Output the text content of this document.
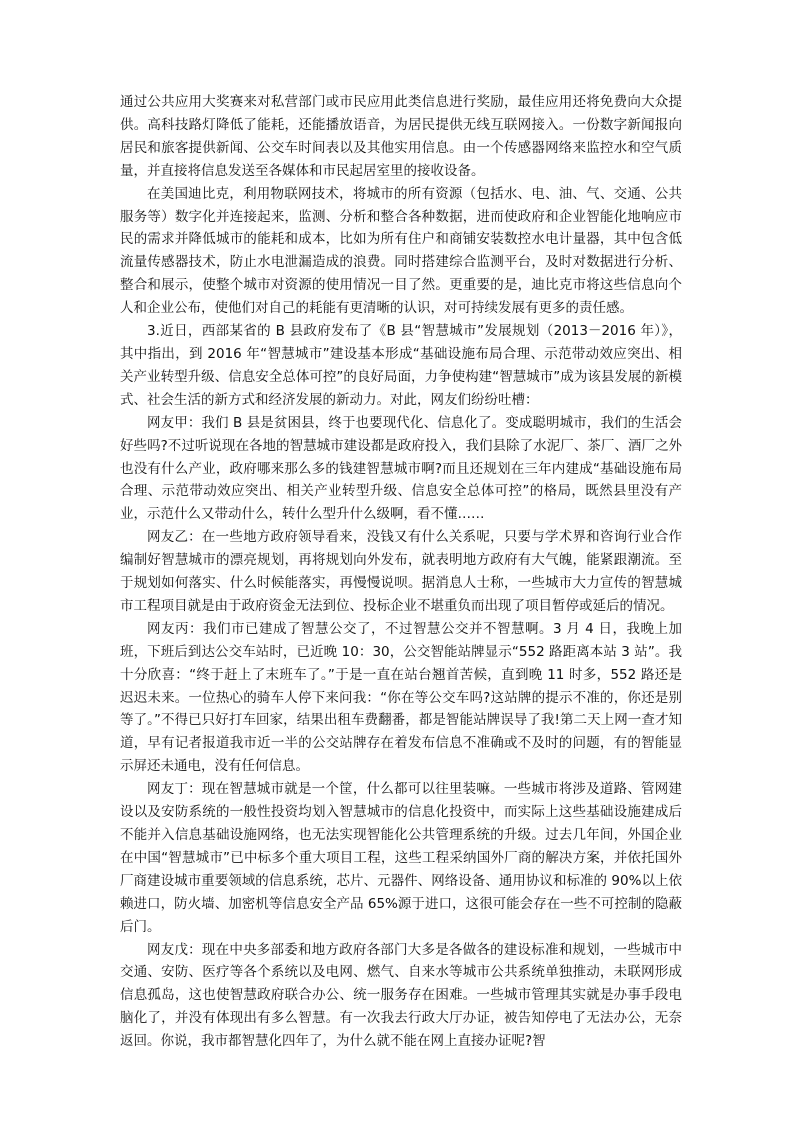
通过公共应用大奖赛来对私营部门或市民应用此类信息进行奖励，最佳应用还将免费向大众提供。高科技路灯降低了能耗，还能播放语音，为居民提供无线互联网接入。一份数字新闻报向居民和旅客提供新闻、公交车时间表以及其他实用信息。由一个传感器网络来监控水和空气质量，并直接将信息发送至各媒体和市民起居室里的接收设备。

在美国迪比克，利用物联网技术，将城市的所有资源（包括水、电、油、气、交通、公共服务等）数字化并连接起来，监测、分析和整合各种数据，进而使政府和企业智能化地响应市民的需求并降低城市的能耗和成本，比如为所有住户和商铺安装数控水电计量器，其中包含低流量传感器技术，防止水电泄漏造成的浪费。同时搭建综合监测平台，及时对数据进行分析、整合和展示，使整个城市对资源的使用情况一目了然。更重要的是，迪比克市将这些信息向个人和企业公布，使他们对自己的耗能有更清晰的认识，对可持续发展有更多的责任感。

3.近日，西部某省的 B 县政府发布了《B 县“智慧城市”发展规划（2013－2016 年）》，其中指出，到 2016 年“智慧城市”建设基本形成“基础设施布局合理、示范带动效应突出、相关产业转型升级、信息安全总体可控”的良好局面，力争使构建“智慧城市”成为该县发展的新模式、社会生活的新方式和经济发展的新动力。对此，网友们纷纷吐槽：

网友甲：我们 B 县是贫困县，终于也要现代化、信息化了。变成聪明城市，我们的生活会好些吗?不过听说现在各地的智慧城市建设都是政府投入，我们县除了水泥厂、茶厂、酒厂之外也没有什么产业，政府哪来那么多的钱建智慧城市啊?而且还规划在三年内建成“基础设施布局合理、示范带动效应突出、相关产业转型升级、信息安全总体可控”的格局，既然县里没有产业，示范什么又带动什么，转什么型升什么级啊，看不懂……

网友乙：在一些地方政府领导看来，没钱又有什么关系呢，只要与学术界和咨询行业合作编制好智慧城市的漂亮规划，再将规划向外发布，就表明地方政府有大气魄，能紧跟潮流。至于规划如何落实、什么时候能落实，再慢慢说呗。据消息人士称，一些城市大力宣传的智慧城市工程项目就是由于政府资金无法到位、投标企业不堪重负而出现了项目暂停或延后的情况。

网友丙：我们市已建成了智慧公交了，不过智慧公交并不智慧啊。3 月 4 日，我晚上加班，下班后到达公交车站时，已近晚 10：30，公交智能站牌显示“552 路距离本站 3 站”。我十分欣喜：“终于赶上了末班车了。”于是一直在站台翘首苦候，直到晚 11 时多，552 路还是迟迟未来。一位热心的骑车人停下来问我：“你在等公交车吗?这站牌的提示不准的，你还是别等了。”不得已只好打车回家，结果出租车费翻番，都是智能站牌误导了我!第二天上网一查才知道，早有记者报道我市近一半的公交站牌存在着发布信息不准确或不及时的问题，有的智能显示屏还未通电，没有任何信息。

网友丁：现在智慧城市就是一个筐，什么都可以往里装嘛。一些城市将涉及道路、管网建设以及安防系统的一般性投资均划入智慧城市的信息化投资中，而实际上这些基础设施建成后不能并入信息基础设施网络，也无法实现智能化公共管理系统的升级。过去几年间，外国企业在中国“智慧城市”已中标多个重大项目工程，这些工程采纳国外厂商的解决方案，并依托国外厂商建设城市重要领域的信息系统，芯片、元器件、网络设备、通用协议和标准的 90%以上依赖进口，防火墙、加密机等信息安全产品 65%源于进口，这很可能会存在一些不可控制的隐蔽后门。

网友戊：现在中央多部委和地方政府各部门大多是各做各的建设标准和规划，一些城市中交通、安防、医疗等各个系统以及电网、燃气、自来水等城市公共系统单独推动，未联网形成信息孤岛，这也使智慧政府联合办公、统一服务存在困难。一些城市管理其实就是办事手段电脑化了，并没有体现出有多么智慧。有一次我去行政大厅办证，被告知停电了无法办公，无奈返回。你说，我市都智慧化四年了，为什么就不能在网上直接办证呢?智
